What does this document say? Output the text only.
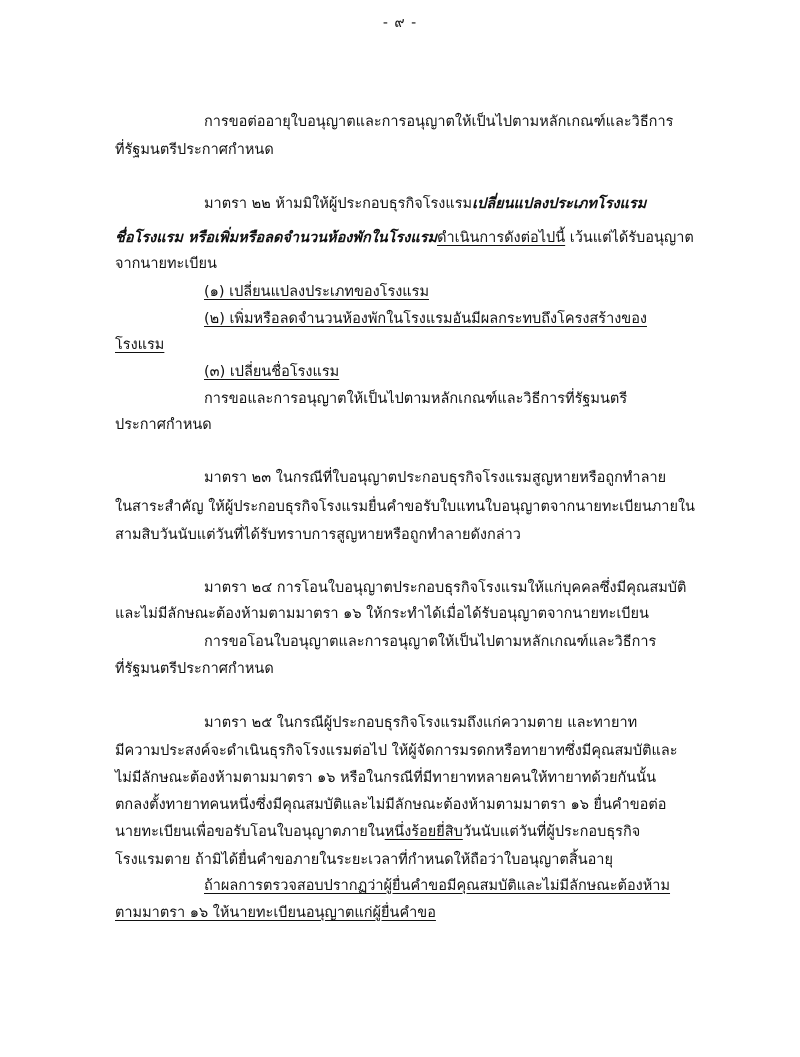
- ๙ -
การขอต่ออายุใบอนุญาตและการอนุญาตให้เป็นไปตามหลักเกณฑ์และวิธีการ
ที่รัฐมนตรีประกาศกำหนด
มาตรา ๒๒ ห้ามมิให้ผู้ประกอบธุรกิจโรงแรมเปลี่ยนแปลงประเภทโรงแรม
ชื่อโรงแรม หรือเพิ่มหรือลดจำนวนห้องพักในโรงแรมดำเนินการดังต่อไปนี้ เว้นแต่ได้รับอนุญาต
จากนายทะเบียน
(๑) เปลี่ยนแปลงประเภทของโรงแรม
(๒) เพิ่มหรือลดจำนวนห้องพักในโรงแรมอันมีผลกระทบถึงโครงสร้างของ
โรงแรม
(๓) เปลี่ยนชื่อโรงแรม
การขอและการอนุญาตให้เป็นไปตามหลักเกณฑ์และวิธีการที่รัฐมนตรี
ประกาศกำหนด
มาตรา ๒๓ ในกรณีที่ใบอนุญาตประกอบธุรกิจโรงแรมสูญหายหรือถูกทำลาย
ในสาระสำคัญ ให้ผู้ประกอบธุรกิจโรงแรมยื่นคำขอรับใบแทนใบอนุญาตจากนายทะเบียนภายใน
สามสิบวันนับแต่วันที่ได้รับทราบการสูญหายหรือถูกทำลายดังกล่าว
มาตรา ๒๔ การโอนใบอนุญาตประกอบธุรกิจโรงแรมให้แก่บุคคลซึ่งมีคุณสมบัติ
และไม่มีลักษณะต้องห้ามตามมาตรา ๑๖ ให้กระทำได้เมื่อได้รับอนุญาตจากนายทะเบียน
การขอโอนใบอนุญาตและการอนุญาตให้เป็นไปตามหลักเกณฑ์และวิธีการ
ที่รัฐมนตรีประกาศกำหนด
มาตรา ๒๕ ในกรณีผู้ประกอบธุรกิจโรงแรมถึงแก่ความตาย และทายาท
มีความประสงค์จะดำเนินธุรกิจโรงแรมต่อไป ให้ผู้จัดการมรดกหรือทายาทซึ่งมีคุณสมบัติและ
ไม่มีลักษณะต้องห้ามตามมาตรา ๑๖ หรือในกรณีที่มีทายาทหลายคนให้ทายาทด้วยกันนั้น
ตกลงตั้งทายาทคนหนึ่งซึ่งมีคุณสมบัติและไม่มีลักษณะต้องห้ามตามมาตรา ๑๖ ยื่นคำขอต่อ
นายทะเบียนเพื่อขอรับโอนใบอนุญาตภายในหนึ่งร้อยยี่สิบวันนับแต่วันที่ผู้ประกอบธุรกิจ
โรงแรมตาย ถ้ามิได้ยื่นคำขอภายในระยะเวลาที่กำหนดให้ถือว่าใบอนุญาตสิ้นอายุ
ถ้าผลการตรวจสอบปรากฏว่าผู้ยื่นคำขอมีคุณสมบัติและไม่มีลักษณะต้องห้าม
ตามมาตรา ๑๖ ให้นายทะเบียนอนุญาตแก่ผู้ยื่นคำขอ
